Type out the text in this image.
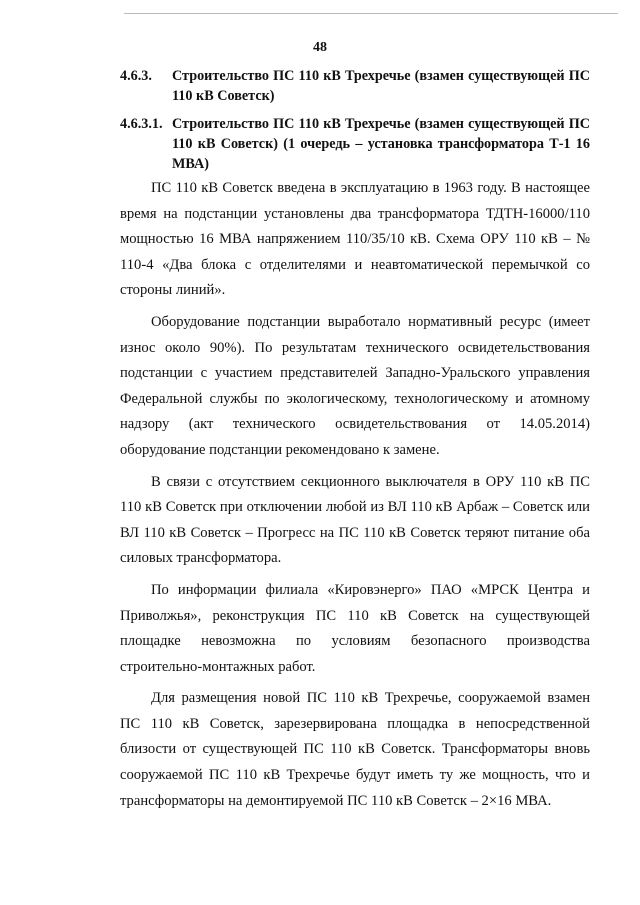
48
4.6.3.	Строительство ПС 110 кВ Трехречье (взамен существующей ПС 110 кВ Советск)
4.6.3.1. Строительство ПС 110 кВ Трехречье (взамен существующей ПС 110 кВ Советск) (1 очередь – установка трансформатора Т-1 16 МВА)

ПС 110 кВ Советск введена в эксплуатацию в 1963 году. В настоящее время на подстанции установлены два трансформатора ТДТН-16000/110 мощностью 16 МВА напряжением 110/35/10 кВ. Схема ОРУ 110 кВ – № 110-4 «Два блока с отделителями и неавтоматической перемычкой со стороны линий».

Оборудование подстанции выработало нормативный ресурс (имеет износ около 90%). По результатам технического освидетельствования подстанции с участием представителей Западно-Уральского управления Федеральной службы по экологическому, технологическому и атомному надзору (акт технического освидетельствования от 14.05.2014) оборудование подстанции рекомендовано к замене.

В связи с отсутствием секционного выключателя в ОРУ 110 кВ ПС 110 кВ Советск при отключении любой из ВЛ 110 кВ Арбаж – Советск или ВЛ 110 кВ Советск – Прогресс на ПС 110 кВ Советск теряют питание оба силовых трансформатора.

По информации филиала «Кировэнерго» ПАО «МРСК Центра и Приволжья», реконструкция ПС 110 кВ Советск на существующей площадке невозможна по условиям безопасного производства строительно-монтажных работ.

Для размещения новой ПС 110 кВ Трехречье, сооружаемой взамен ПС 110 кВ Советск, зарезервирована площадка в непосредственной близости от существующей ПС 110 кВ Советск. Трансформаторы вновь сооружаемой ПС 110 кВ Трехречье будут иметь ту же мощность, что и трансформаторы на демонтируемой ПС 110 кВ Советск – 2×16 МВА.
